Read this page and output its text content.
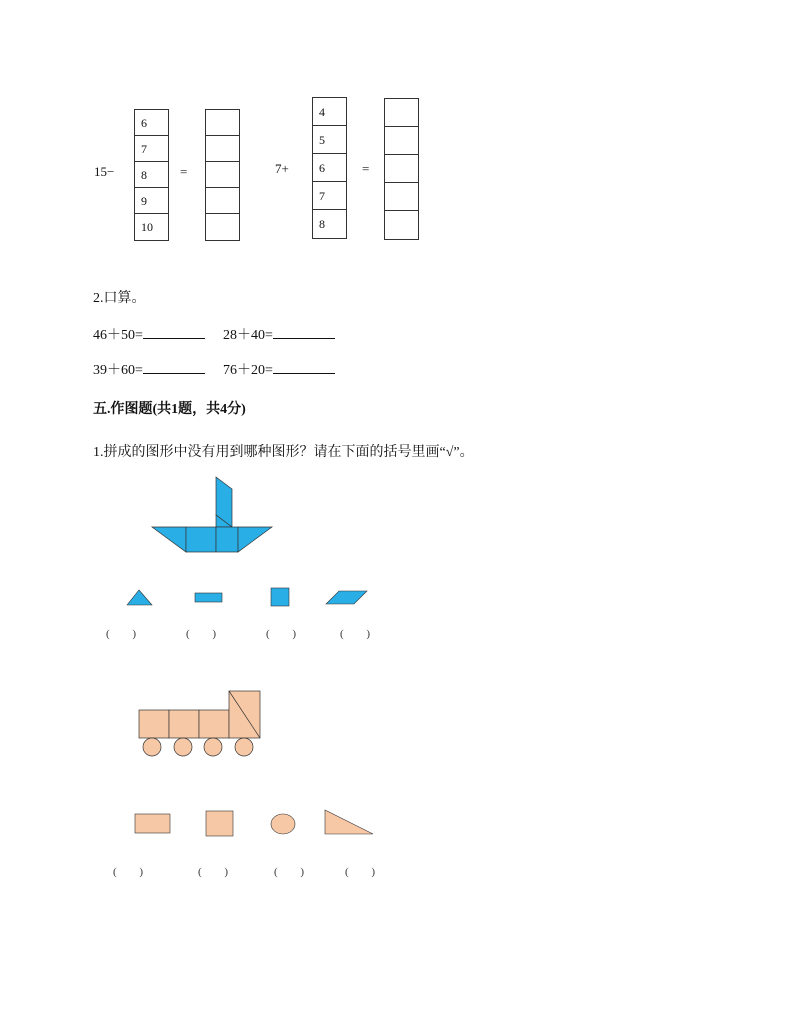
15−
6
7
8
9
10
=	7+
4
5
6
7
8
=
2.口算。
46＋50=	28＋40=
39＋60=	76＋20=
五.作图题(共1题，共4分)
1.拼成的图形中没有用到哪种图形？请在下面的括号里画“√”。
( )	( )	( )	( )
( )	( )	( )	( )
